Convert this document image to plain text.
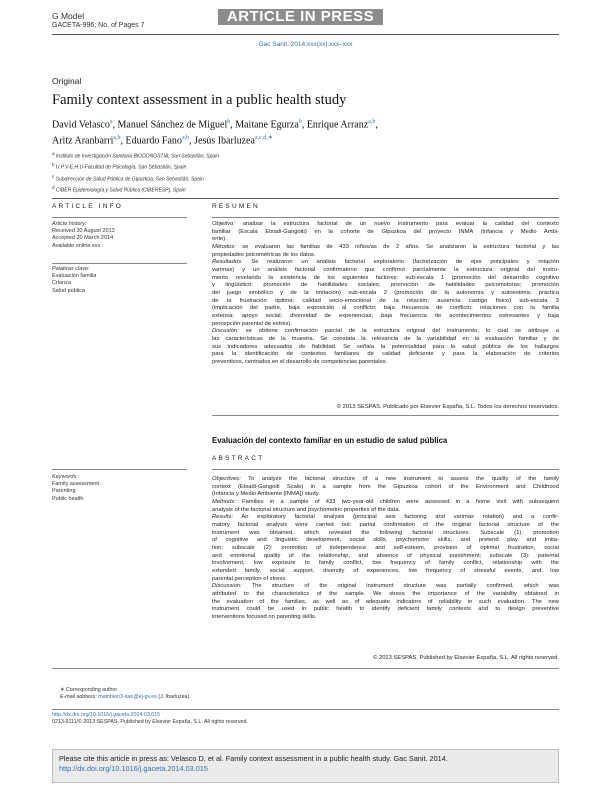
G Model
GACETA-996; No. of Pages 7
ARTICLE IN PRESS
Gac Sanit. 2014;xxx(xx):xxx–xxx
Original
Family context assessment in a public health study
David Velasco$^a$, Manuel Sánchez de Miguel$^b$, Maitane Egurza$^b$, Enrique Arranz$^{a,b}$,
Aritz Aranbarri$^{a,b}$, Eduardo Fano$^{a,b}$, Jesús Ibarluzea$^{a,c,d,∗}$
$^a$ Instituto de Investigación Sanitaria BIODONOSTIA, San Sebastián, Spain
$^b$ U.P.V-E.H.U-Facultad de Psicología, San Sebastián, Spain
$^c$ Subdirección de Salud Pública de Gipuzkoa, San Sebastián, Spain
$^d$ CIBER Epidemiología y Salud Pública (CIBERESP), Spain
ARTICLE INFO
Article history:
Received 30 August 2013
Accepted 20 March 2014
Available online xxx
Palabras clave:
Evaluación familia
Crianza
Salud pública
RESUMEN
Objetivo: analizar la estructura factorial de un nuevo instrumento para evaluar la calidad del contexto
familiar (Escala Etxadi-Gangoiti) en la cohorte de Gipuzkoa del proyecto INMA (Infancia y Medio Ambi-
ente).
Métodos: se evaluaron las familias de 433 niños/as de 2 años. Se analizaron la estructura factorial y las
propiedades psicométricas de los datos.
Resultados: Se realizaron un análisis factorial exploratorio (factorización de ejes principales y rotación
varimax) y un análisis factorial confirmatorio que confirmó parcialmente la estructura original del instru-
mento revelando la existencia de los siguientes factores: sub-escala 1 (promoción del desarrollo cognitivo
y lingüístico; promoción de habilidades sociales; promoción de habilidades psicomotoras; promoción
del juego simbólico y de la imitación) sub-escala 2 (promoción de la autonomía y autoestima; práctica
de la frustración óptima; calidad socio-emocional de la relación; ausencia castigo físico) sub-escala 3
(implicación del padre, baja exposición al conflicto; baja frecuencia de conflicto; relaciones con la familia
extensa; apoyo social; diversidad de experiencias; baja frecuencia de acontecimientos estresantes y baja
percepción parental de estrés).
Discusión: se obtiene confirmación parcial de la estructura original del instrumento, lo cual se atribuye a
las características de la muestra. Se constata la relevancia de la variabilidad en la evaluación familiar y de
sus indicadores adecuados de fiabilidad. Se señala la potencialidad para la salud pública de los hallazgos
para la identificación de contextos familiares de calidad deficiente y para la elaboración de criterios
preventivos, centrados en el desarrollo de competencias parentales.
© 2013 SESPAS. Publicado por Elsevier España, S.L. Todos los derechos reservados.
Evaluación del contexto familiar en un estudio de salud pública
ABSTRACT
Keywords:
Family assessment
Parenting
Public health
Objectives: To analyze the factorial structure of a new instrument to assess the quality of the family
context (Etxadi-Gangoiti Scale) in a sample from the Gipuzkoa cohort of the Environment and Childhood
(Infancia y Medio Ambiente [INMA]) study.
Methods: Families in a sample of 433 two-year-old children were assessed in a home visit with subsequent
analysis of the factorial structure and psychometric properties of the data.
Results: An exploratory factorial analysis (principal axis factoring and varimax rotation) and a confir-
matory factorial analysis were carried out; partial confirmation of the original factorial structure of the
instrument was obtained, which revealed the following factorial structures. Subscale (1): promotion
of cognitive and linguistic development, social skills, psychomotor skills, and pretend play and imita-
tion; subscale (2): promotion of independence and self-esteem, provision of optimal frustration, social
and emotional quality of the relationship, and absence of physical punishment; subscale (3): paternal
involvement, low exposure to family conflict, low frequency of family conflict, relationship with the
extended family, social support, diversity of experiences, low frequency of stressful events, and low
parental perception of stress.
Discussion: The structure of the original instrument structure was partially confirmed, which was
attributed to the characteristics of the sample. We stress the importance of the variability obtained in
the evaluation of the families, as well as of adequate indicators of reliability in such evaluation. The new
instrument could be used in public health to identify deficient family contexts and to design preventive
interventions focused on parenting skills.
© 2013 SESPAS. Published by Elsevier España, S.L. All rights reserved.
∗ Corresponding author.
E-mail address: mambien3-san@ej-gv.es (J. Ibarluzea).
http://dx.doi.org/10.1016/j.gaceta.2014.03.015
0213-9111/© 2013 SESPAS. Published by Elsevier España, S.L. All rights reserved.
Please cite this article in press as: Velasco D, et al. Family context assessment in a public health study. Gac Sanit. 2014.
http://dx.doi.org/10.1016/j.gaceta.2014.03.015
